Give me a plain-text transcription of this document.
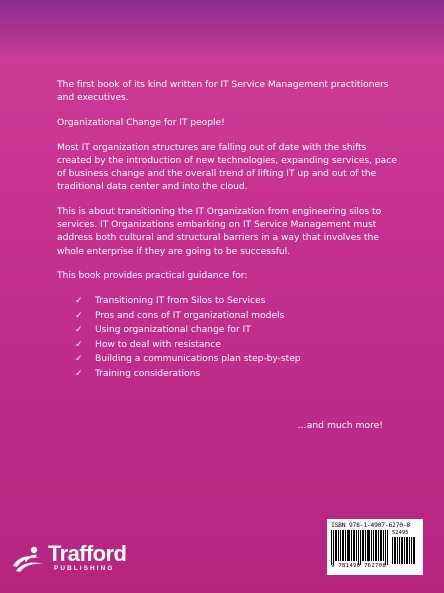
The first book of its kind written for IT Service Management practitioners and executives.

Organizational Change for IT people!

Most IT organization structures are falling out of date with the shifts created by the introduction of new technologies, expanding services, pace of business change and the overall trend of lifting IT up and out of the traditional data center and into the cloud.

This is about transitioning the IT Organization from engineering silos to services. IT Organizations embarking on IT Service Management must address both cultural and structural barriers in a way that involves the whole enterprise if they are going to be successful.

This book provides practical guidance for:

✓	Transitioning IT from Silos to Services
✓	Pros and cons of IT organizational models
✓	Using organizational change for IT
✓	How to deal with resistance
✓	Building a communications plan step-by-step
✓	Training considerations
…and much more!
ISBN 978-1-4907-6270-8
52495
9 781490 762708
Trafford
PUBLISHING
